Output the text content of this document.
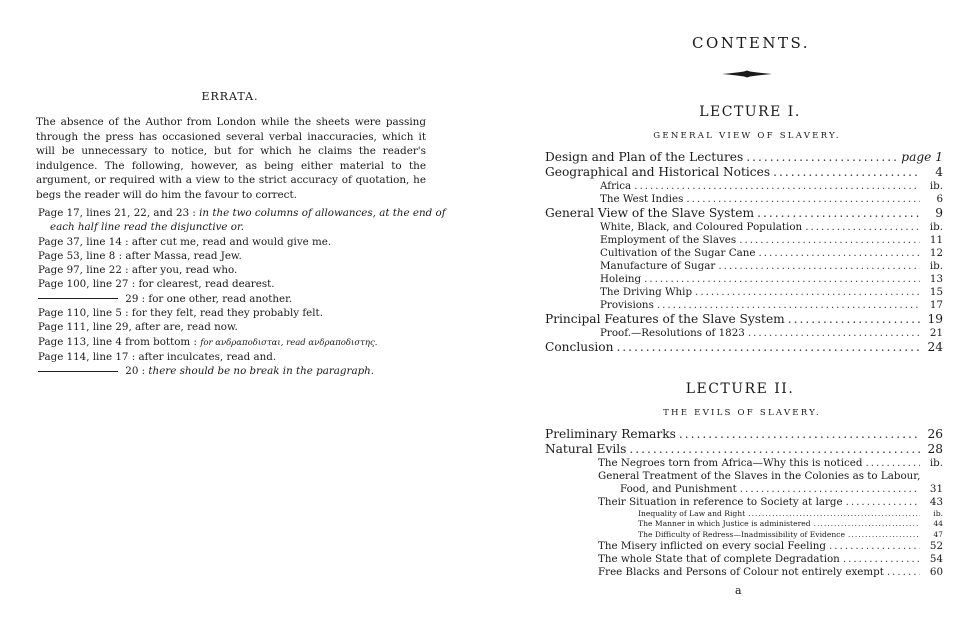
ERRATA.

The absence of the Author from London while the sheets were passing through the press has occasioned several verbal inaccuracies, which it will be unnecessary to notice, but for which he claims the reader's indulgence. The following, however, as being either material to the argument, or required with a view to the strict accuracy of quotation, he begs the reader will do him the favour to correct.

Page 17, lines 21, 22, and 23 : in the two columns of allowances, at the end of
each half line read the disjunctive or.
Page 37, line 14 : after cut me, read and would give me.
Page 53, line 8 : after Massa, read Jew.
Page 97, line 22 : after you, read who.
Page 100, line 27 : for clearest, read dearest.
29 : for one other, read another.
Page 110, line 5 : for they felt, read they probably felt.
Page 111, line 29, after are, read now.
Page 113, line 4 from bottom : for ανδραποδισται, read ανδραποδιστης.
Page 114, line 17 : after inculcates, read and.
20 : there should be no break in the paragraph.
CONTENTS.
LECTURE I.
GENERAL VIEW OF SLAVERY.
Design and Plan of the Lectures .....	page 1
Geographical and Historical Notices .....	4
Africa .....	ib.
The West Indies .....	6
General View of the Slave System .....	9
White, Black, and Coloured Population .....	ib.
Employment of the Slaves .....	11
Cultivation of the Sugar Cane .....	12
Manufacture of Sugar .....	ib.
Holeing .....	13
The Driving Whip .....	15
Provisions .....	17
Principal Features of the Slave System .....	19
Proof.—Resolutions of 1823 .....	21
Conclusion .....	24
LECTURE II.
THE EVILS OF SLAVERY.
Preliminary Remarks .....	26
Natural Evils .....	28
The Negroes torn from Africa—Why this is noticed .....	ib.
General Treatment of the Slaves in the Colonies as to Labour,
Food, and Punishment .....	31
Their Situation in reference to Society at large .....	43
Inequality of Law and Right .....	ib.
The Manner in which Justice is administered .....	44
The Difficulty of Redress—Inadmissibility of Evidence .....	47
The Misery inflicted on every social Feeling .....	52
The whole State that of complete Degradation .....	54
Free Blacks and Persons of Colour not entirely exempt .....	60
a
